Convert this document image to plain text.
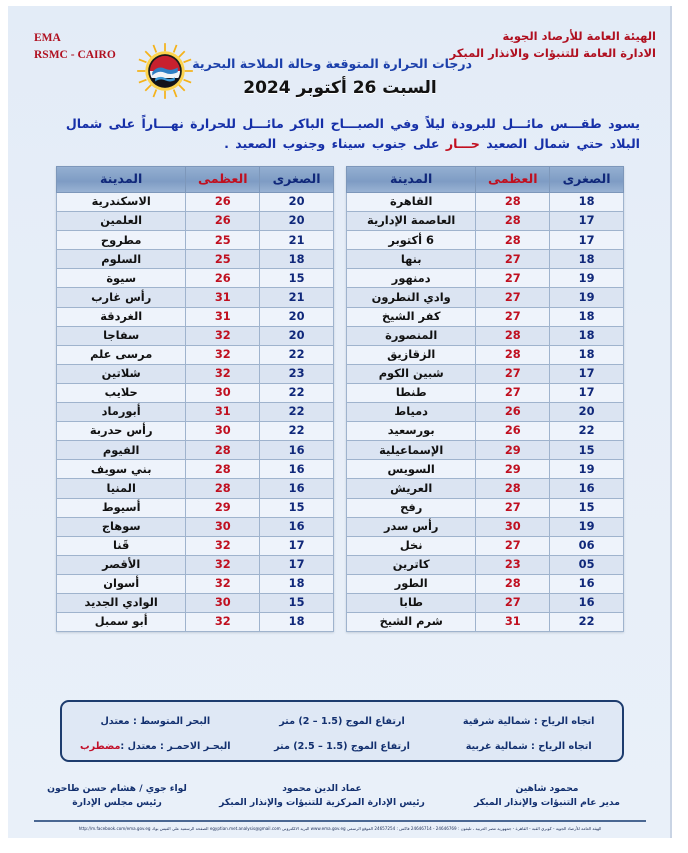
الهيئة العامة للأرصاد الجوية
الادارة العامة للتنبؤات والانذار المبكر
EMA
RSMC - CAIRO
درجات الحرارة المتوقعة وحالة الملاحة البحرية
السبت 26 أكتوبر 2024
يسود طقـــس مائـــل للبرودة ليلاً وفي الصبـــاح الباكر مائـــل للحرارة نهـــاراً على شمال البلاد حتي شمال الصعيد حـــار على جنوب سيناء وجنوب الصعيد .
الصغرى	العظمى	المدينة
18	28	القاهرة
17	28	العاصمة الإدارية
17	28	6 أكتوبر
18	27	بنها
19	27	دمنهور
19	27	وادي النطرون
18	27	كفر الشيخ
18	28	المنصورة
18	28	الزقازيق
17	27	شبين الكوم
17	27	طنطا
20	26	دمياط
22	26	بورسعيد
15	29	الإسماعيلية
19	29	السويس
16	28	العريش
15	27	رفح
19	30	رأس سدر
06	27	نخل
05	23	كاترين
16	28	الطور
16	27	طابا
22	31	شرم الشيخ
الصغرى	العظمى	المدينة
20	26	الاسكندرية
20	26	العلمين
21	25	مطروح
18	25	السلوم
15	26	سيوة
21	31	رأس غارب
20	31	الغردقة
20	32	سفاجا
22	32	مرسى علم
23	32	شلاتين
22	30	حلايب
22	31	أبورماد
22	30	رأس حدربة
16	28	الفيوم
16	28	بني سويف
16	28	المنيا
15	29	أسيوط
16	30	سوهاج
17	32	قَنا
17	32	الأقصر
18	32	أسوان
15	30	الوادي الجديد
18	32	أبو سمبل
اتجاه الرياح : شمالية شرقية
ارتفاع الموج (1.5 – 2) متر
البحر المتوسط : معتدل
اتجاه الرياح : شمالية غربية
ارتفاع الموج (1.5 – 2.5) متر
البحـر الاحمـر : معتدل :مضطرب
محمود شاهين
مدير عام التنبؤات والإنذار المبكر
عماد الدين محمود
رئيس الإدارة المركزية للتنبؤات والإنذار المبكر
لواء جوي / هشام حسن طاحون
رئيس مجلس الإدارة
الهيئة العامة للأرصاد الجوية - كوبري القبة - القاهرة - جمهورية مصر العربية ، تليفون : 24646769 - 24646714 فاكس : 24657254 الموقع الرسمي www.ema.gov.eg البريد الالكتروني egyptian.met.analysis@gmail.com الصفحة الرسمية علي الفيس بوك http://m.facebook.com/ema.gov.eg
